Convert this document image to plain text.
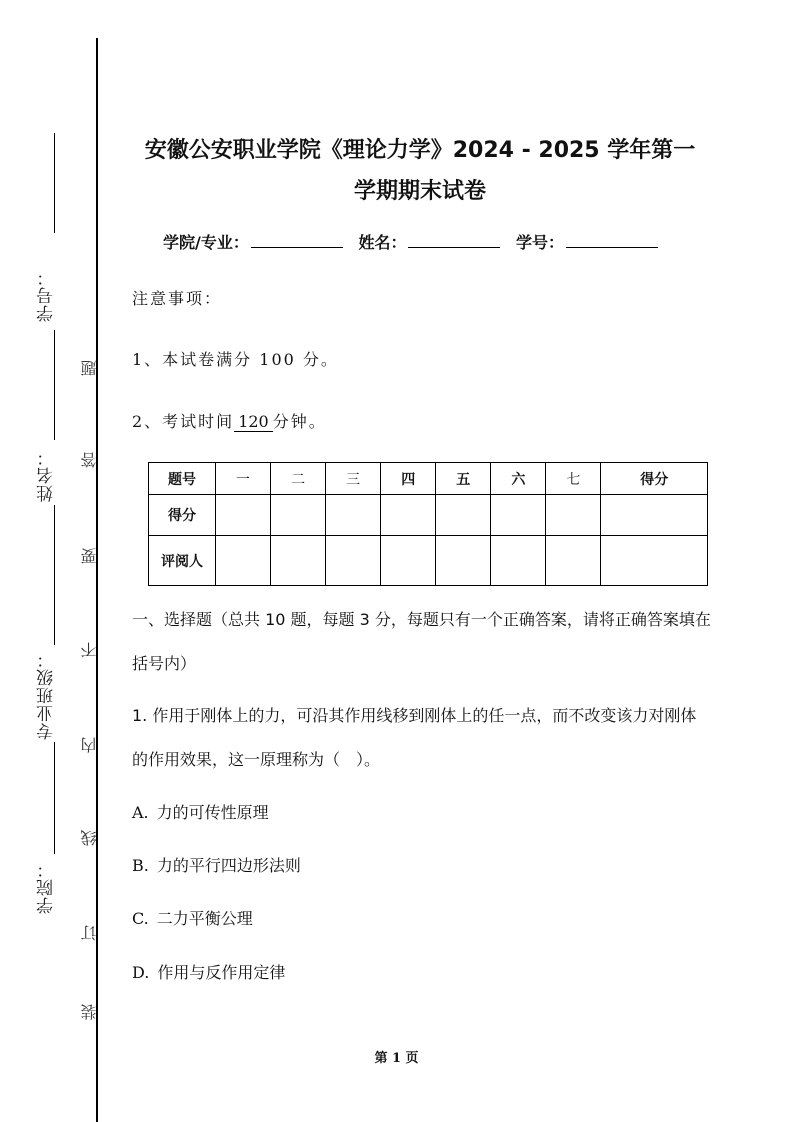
学号：
姓名：
专业班级：
学院：
题
答
要
不
内
线
订
装
安徽公安职业学院《理论力学》2024 - 2025 学年第一
学期期末试卷
学院/专业：	姓名：	学号：
注意事项：
1、本试卷满分 100 分。
2、考试时间 120 分钟。
题号	一	二	三	四	五	六	七	得分
得分								
评阅人								
一、选择题（总共 10 题，每题 3 分，每题只有一个正确答案，请将正确答案填在括号内）
1. 作用于刚体上的力，可沿其作用线移到刚体上的任一点，而不改变该力对刚体的作用效果，这一原理称为（　）。
A. 力的可传性原理
B. 力的平行四边形法则
C. 二力平衡公理
D. 作用与反作用定律
第 1 页
